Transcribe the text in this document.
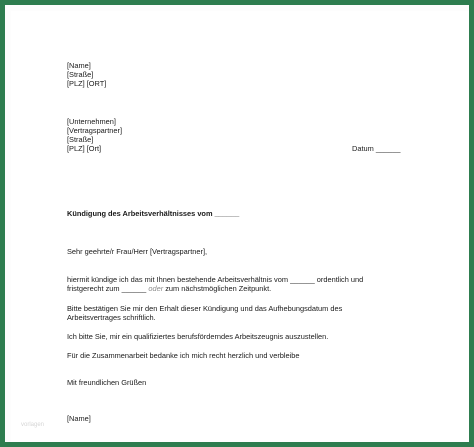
[Name]
[Straße]
[PLZ] [ORT]
[Unternehmen]
[Vertragspartner]
[Straße]
[PLZ] [Ort]	Datum ______
Kündigung des Arbeitsverhältnisses vom ______
Sehr geehrte/r Frau/Herr [Vertragspartner],
hiermit kündige ich das mit Ihnen bestehende Arbeitsverhältnis vom ______ ordentlich und
fristgerecht zum ______ oder zum nächstmöglichen Zeitpunkt.
Bitte bestätigen Sie mir den Erhalt dieser Kündigung und das Aufhebungsdatum des
Arbeitsvertrages schriftlich.
Ich bitte Sie, mir ein qualifiziertes berufsförderndes Arbeitszeugnis auszustellen.
Für die Zusammenarbeit bedanke ich mich recht herzlich und verbleibe
Mit freundlichen Grüßen
[Name]
[Unterschrift]
vorlagen
